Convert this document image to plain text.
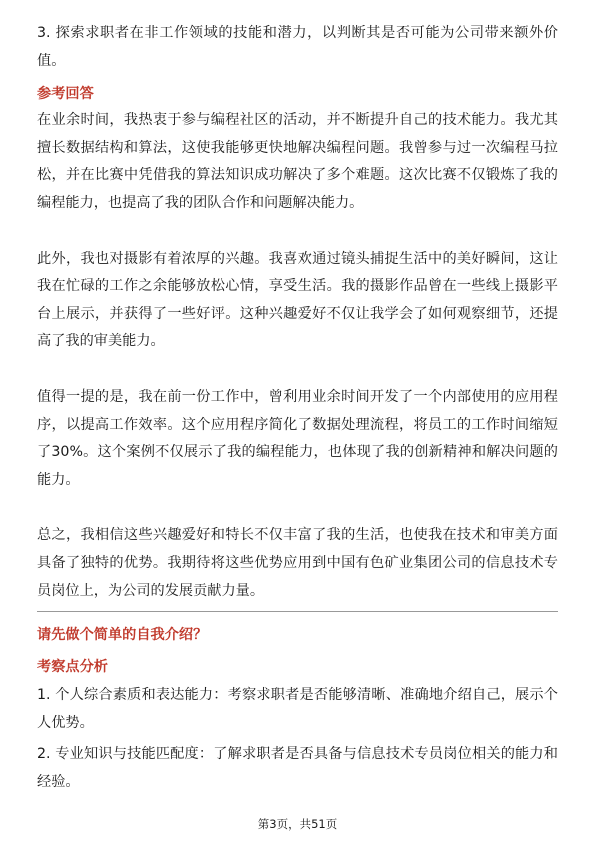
3. 探索求职者在非工作领域的技能和潜力，以判断其是否可能为公司带来额外价值。

参考回答

在业余时间，我热衷于参与编程社区的活动，并不断提升自己的技术能力。我尤其擅长数据结构和算法，这使我能够更快地解决编程问题。我曾参与过一次编程马拉松，并在比赛中凭借我的算法知识成功解决了多个难题。这次比赛不仅锻炼了我的编程能力，也提高了我的团队合作和问题解决能力。

此外，我也对摄影有着浓厚的兴趣。我喜欢通过镜头捕捉生活中的美好瞬间，这让我在忙碌的工作之余能够放松心情，享受生活。我的摄影作品曾在一些线上摄影平台上展示，并获得了一些好评。这种兴趣爱好不仅让我学会了如何观察细节，还提高了我的审美能力。

值得一提的是，我在前一份工作中，曾利用业余时间开发了一个内部使用的应用程序，以提高工作效率。这个应用程序简化了数据处理流程，将员工的工作时间缩短了30%。这个案例不仅展示了我的编程能力，也体现了我的创新精神和解决问题的能力。

总之，我相信这些兴趣爱好和特长不仅丰富了我的生活，也使我在技术和审美方面具备了独特的优势。我期待将这些优势应用到中国有色矿业集团公司的信息技术专员岗位上，为公司的发展贡献力量。

请先做个简单的自我介绍？

考察点分析

1. 个人综合素质和表达能力：考察求职者是否能够清晰、准确地介绍自己，展示个人优势。

2. 专业知识与技能匹配度：了解求职者是否具备与信息技术专员岗位相关的能力和经验。

第3页，共51页
